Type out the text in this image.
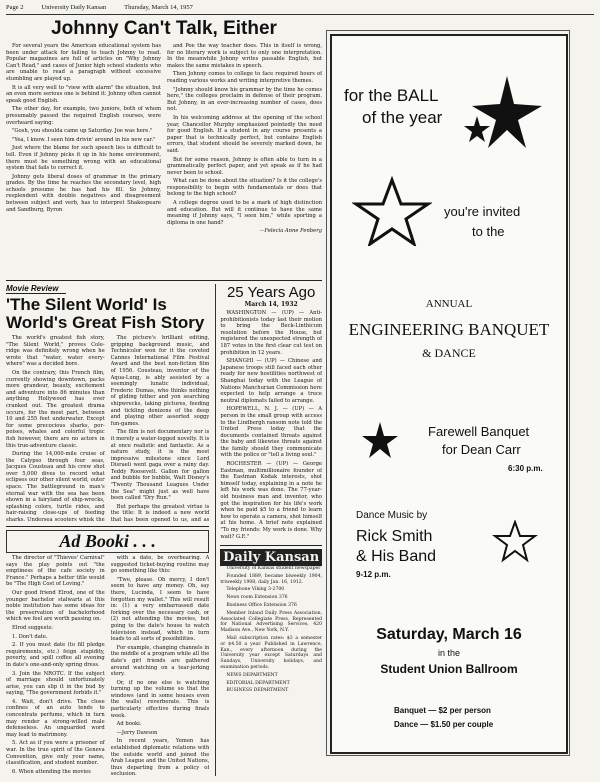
Page 2	University Daily Kansan	Thursday, March 14, 1957
Johnny Can't Talk, Either

For several years the American educational system has been under attack for failing to teach Johnny to read. Popular magazines are full of articles on "Why Johnny Can't Read," and cases of Junior high school students who are unable to read a paragraph without excessive stumbling are played up.

It is all very well to "view with alarm" the situation, but an even more serious one is behind it: Johnny often cannot speak good English.

The other day, for example, two juniors, both of whom presumably passed the required English courses, were overheard saying:

"Gosh, you shoulda came up Saturday. Joe was here."

"Yea, I know. I seen him drivin' around in his new car."

Just where the blame for such speech lies is difficult to tell. Even if Johnny picks it up in his home environment, there must be something wrong with an educational system that fails to correct it.

Johnny gets liberal doses of grammar in the primary grades. By the time he reaches the secondary level, high schools presume he has had his fill. So Johnny, resplendent with double negatives and disagreement between subject and verb, has to interpret Shakespeare and Sandburg, Byron

and Poe the way teacher does. This in itself is wrong, for no literary work is subject to only one interpretation. In the meanwhile Johnny writes passable English, but makes the same mistakes in speech.

Then Johnny comes to college to face required hours of reading various works and writing interpretive themes.

"Johnny should know his grammar by the time he comes here," the colleges proclaim in defense of their program. But Johnny, in an ever-increasing number of cases, does not.

In his welcoming address at the opening of the school year, Chancellor Murphy emphasized pointedly the need for good English. If a student in any course presents a paper that is technically perfect, but contains English errors, that student should be severely marked down, he said.

But for some reason, Johnny is often able to turn in a grammatically perfect paper, and yet speak as if he had never been to school.

What can be done about the situation? Is it the college's responsibility to begin with fundamentals or does that belong to the high school?

A college degree used to be a mark of high distinction and education. But will it continue to have the same meaning if Johnny says, "I seen him," while sporting a diploma in one hand?

—Felecia Anne Fenberg
Movie Review
'The Silent World' Is World's Great Fish Story

The world's greatest fish story, "The Silent World," proves Cole-ridge was definitely wrong when he wrote that "water, water every-where" was a decided bore.

On the contrary, this French film, currently showing downtown, packs more grandeur, beauty, excitement and adventure into 86 minutes than anything Hollywood has ever cranked out. The greatest drama occurs, for the most part, between 10 and 255 feet underwater. Except for some precocious sharks, por-poises, whales and colorful tropic fish however, there are no actors in this true-adventure classic.

During the 14,000-mile cruise of the Calypso through four seas, Jacques Cousteau and his crew shot over 5,000 dives to record what eclipses our other silent world, outer space. The battleground in man's eternal war with the sea has been shown in a fairyland of ship-wrecks, splashing colors, turtle rides, and hair-raising close-ups of feeding sharks. Undersea scooters whisk the

The picture's brilliant editing, gripping background music, and Technicolor won for it the coveted Cannes International Film Festival Award and the best non-fiction film of 1956. Cousteau, inventor of the Aqua-Lung, is ably assisted by a seemingly lunatic individual, Frederic Dumas, who thinks nothing of gliding hither and yon searching shipwrecks, taking pictures, feeding and tickling denizens of the deep and playing other assorted soggy fun-games.

The film is not documentary nor is it merely a water-logged novelty. It is at once realistic and fantastic. As a nature study, it is the most impressive milestone since Lord Disraeli went gaga over a rainy day. Teddy Roosevelt. Gallon for gallon and bubble for bubble, Walt Disney's "Twenty Thousand Leagues Under the Sea" might just as well have been called "Dry Run."

But perhaps the greatest virtue is the title: It is indeed a new world that has been opened to us, and as

Ad Booki . . .

The director of "Thieves' Carnival" says the play points out "the emptiness of the cafe society in France." Perhaps a better title would be "The High Cost of Loving."

Our good friend Elrod, one of the younger bachelor stalwarts at this noble institution has some ideas for the preservation of bachelorhood which we feel are worth passing on.

Elrod suggests:

1. Don't date.

2. If you must date (to fill pledge requirements, etc.) feign stupidity, poverty, and spill coffee all evening in date's one-and-only spring dress.

3. Join the NROTC. If the subject of marriage should unfortunately arise, you can slip it in the bud by saying, "The government forbids it."

4. Wait, don't drive. The close confines of an auto tends to concentrate perfume, which in turn may render a strong-willed male defenseless. An unguarded word may lead to matrimony.

5. Act as if you were a prisoner of war. In the true spirit of the Geneva Convention, give only your name, classification, and student number.

6. When attending the movies

with a date, be overbearing. A suggested ticket-buying routine may go something like this:

"Two, please. Oh mercy, I don't seem to have any money. Oh, say there, Lucinda, I seem to have forgotten my wallet." This will result in: (1) a very embarrassed date forking over the necessary cash, or (2) not attending the movies, but going to the date's house to watch television instead, which in turn leads to all sorts of possibilities.

For example, changing channels in the middle of a program while all the date's girl friends are gathered around watching on a tear-jerking story.

Or, if no one else is watching turning up the volume so that the windows (and in some houses even the walls) reverberate. This is particularly effective during finals week.

Ad booki.

—Jerry Dawson

In recent years, Yemen has established diplomatic relations with the outside world and joined the Arab League and the United Nations, thus departing from a policy of seclusion.

25 Years Ago
March 14, 1932

WASHINGTON — (UP) — Anti-prohibitionists today last their motion to bring the Beck-Linthicum resolution before the House, but registered the unexpected strength of 187 votes in the first clear cut test on prohibition in 12 years.

SHANGHI — (UP) — Chinese and Japanese troops still faced each other ready for new hostilities northwest of Shanghai today with the League of Nations Manchurian Commission here expected to help arrange a truce neutral diplomats failed to arrange.

HOPEWELL, N. J. — (UP) — A person in the small group with access to the Lindbergh ransom note told the United Press today that the documents contained threats against the baby and likewise threats against the family should they communicate with the police or "tell a living soul."

ROCHESTER — (UP) — George Eastman, multimillionaire founder of the Eastman Kodak interests, shot himself today, explaining in a note he left his work was done. The 77-year-old business man and inventor, who got the inspiration for his life's work when he paid $5 to a friend to learn how to operate a camera, shot himself at his home. A brief note explained "To my friends: My work is done. Why wait? G.E."

Daily Kansan

University of Kansas student newspaper

Founded 1889, became biweekly 1904, triweekly 1908, daily Jan. 16, 1912.

Telephone Viking 3-2700

News room Extension 376

Business Office Extension 376

Member Inland Daily Press Association, Associated Collegiate Press. Represented for National Advertising Services, 420 Madison Ave., New York, N.Y.

Mail subscription rates: $3 a semester or $4.50 a year. Published in Lawrence, Kan., every afternoon during the University year except Saturdays and Sundays, University holidays, and examination periods.

NEWS DEPARTMENT

EDITORIAL DEPARTMENT

BUSINESS DEPARTMENT

for the BALL
of the year
you're invited
to the
ANNUAL
ENGINEERING BANQUET
& DANCE
Farewell Banquet
for Dean Carr
6:30 p.m.
Dance Music by
Rick Smith
& His Band
9-12 p.m.
Saturday, March 16
in the
Student Union Ballroom
Banquet — $2 per person
Dance — $1.50 per couple
